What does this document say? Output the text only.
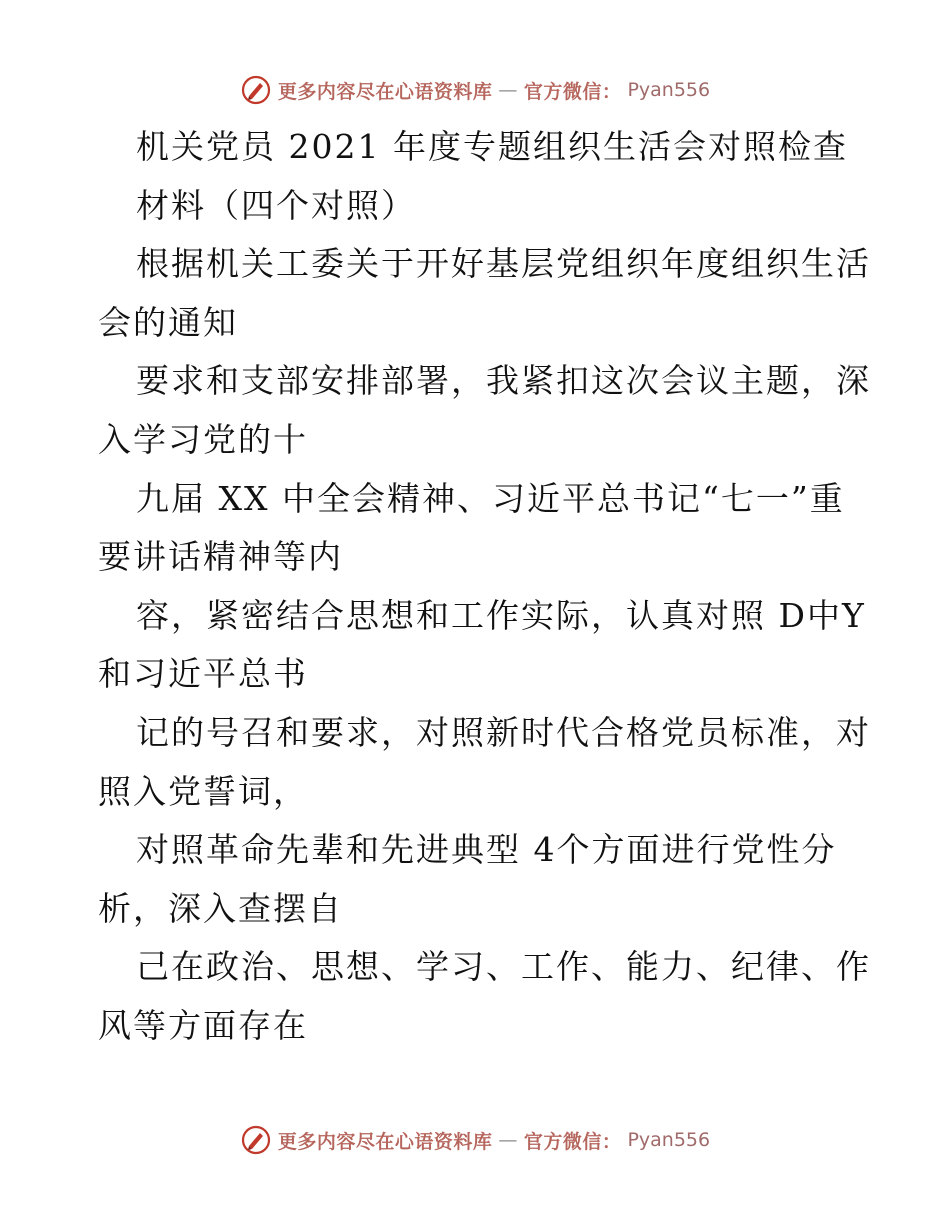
更多内容尽在心语资料库 — 官方微信： Pyan556
机关党员 2021 年度专题组织生活会对照检查
材料（四个对照）
根据机关工委关于开好基层党组织年度组织生活
会的通知
要求和支部安排部署，我紧扣这次会议主题，深
入学习党的十
九届 XX 中全会精神、习近平总书记“七一”重
要讲话精神等内
容，紧密结合思想和工作实际，认真对照 D中Y
和习近平总书
记的号召和要求，对照新时代合格党员标准，对
照入党誓词，
对照革命先辈和先进典型 4个方面进行党性分
析，深入查摆自
己在政治、思想、学习、工作、能力、纪律、作
风等方面存在
更多内容尽在心语资料库 — 官方微信： Pyan556
